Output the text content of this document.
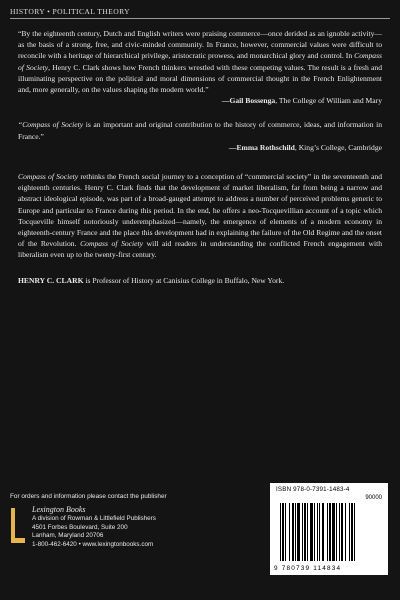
HISTORY • POLITICAL THEORY

“By the eighteenth century, Dutch and English writers were praising commerce—once derided as an ignoble activity—as the basis of a strong, free, and civic-minded community. In France, however, commercial values were difficult to reconcile with a heritage of hierarchical privilege, aristocratic prowess, and monarchical glory and control. In Compass of Society, Henry C. Clark shows how French thinkers wrestled with these competing values. The result is a fresh and illuminating perspective on the political and moral dimensions of commercial thought in the French Enlightenment and, more generally, on the values shaping the modern world.”

—Gail Bossenga, The College of William and Mary

“Compass of Society is an important and original contribution to the history of commerce, ideas, and information in France.”

—Emma Rothschild, King’s College, Cambridge

Compass of Society rethinks the French social journey to a conception of “commercial society” in the seventeenth and eighteenth centuries. Henry C. Clark finds that the development of market liberalism, far from being a narrow and abstract ideological episode, was part of a broad-gauged attempt to address a number of perceived problems generic to Europe and particular to France during this period. In the end, he offers a neo-Tocquevillian account of a topic which Tocqueville himself notoriously underemphasized—namely, the emergence of elements of a modern economy in eighteenth-century France and the place this development had in explaining the failure of the Old Regime and the onset of the Revolution. Compass of Society will aid readers in understanding the conflicted French engagement with liberalism even up to the twenty-first century.

HENRY C. CLARK is Professor of History at Canisius College in Buffalo, New York.

For orders and information please contact the publisher
Lexington Books
A division of Rowman & Littlefield Publishers
4501 Forbes Boulevard, Suite 200
Lanham, Maryland 20706
1-800-462-6420 • www.lexingtonbooks.com
ISBN 978-0-7391-1483-4
90000
9 780739 114834
